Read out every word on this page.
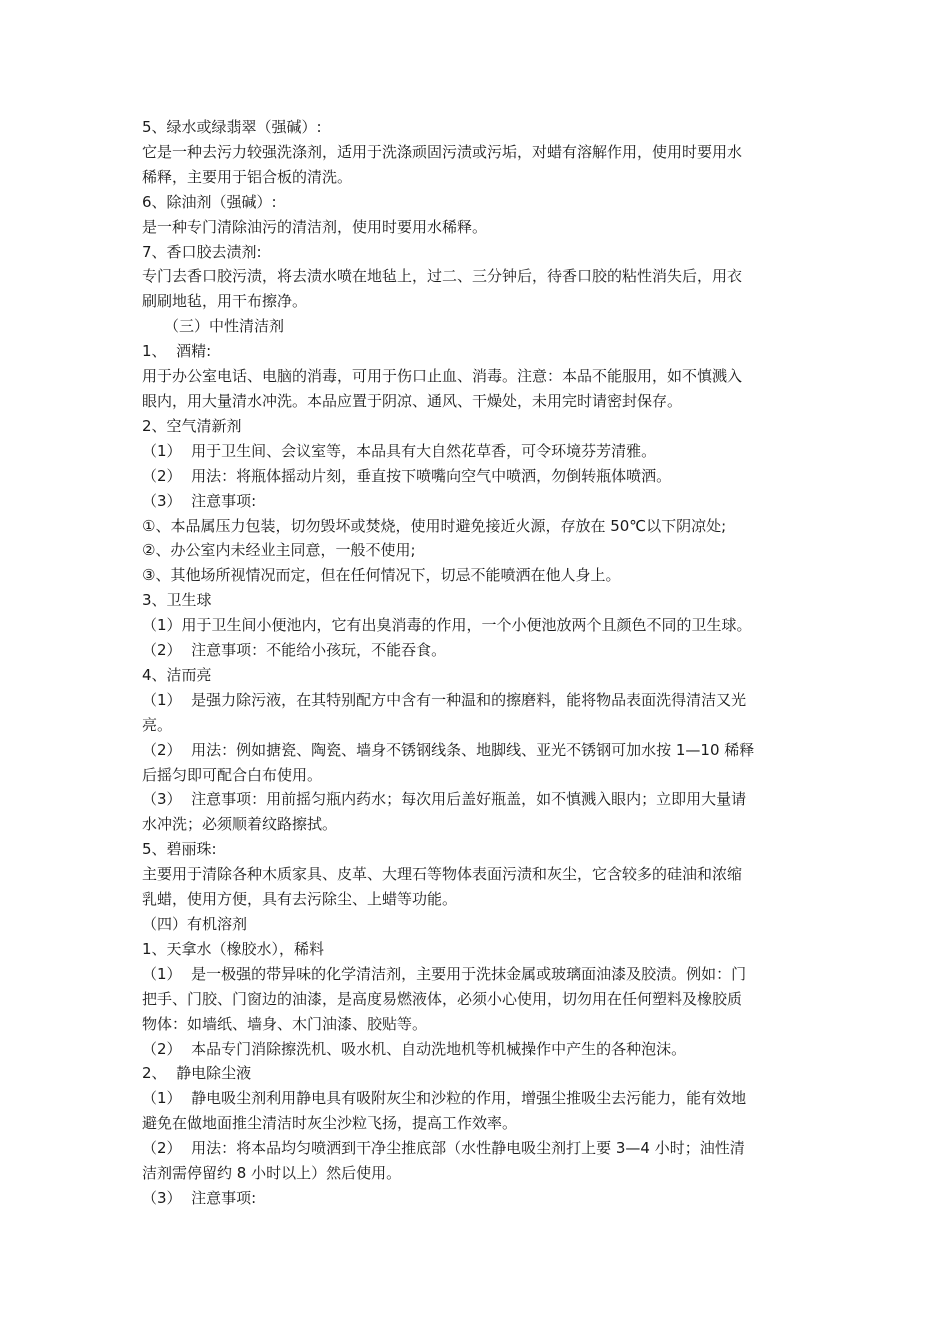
5、绿水或绿翡翠（强碱）:
它是一种去污力较强洗涤剂，适用于洗涤顽固污渍或污垢，对蜡有溶解作用，使用时要用水
稀释，主要用于铝合板的清洗。
6、除油剂（强碱）:
是一种专门清除油污的清洁剂，使用时要用水稀释。
7、香口胶去渍剂:
专门去香口胶污渍，将去渍水喷在地毡上，过二、三分钟后，待香口胶的粘性消失后，用衣
刷刷地毡，用干布擦净。
（三）中性清洁剂
1、  酒精:
用于办公室电话、电脑的消毒，可用于伤口止血、消毒。注意：本品不能服用，如不慎溅入
眼内，用大量清水冲洗。本品应置于阴凉、通风、干燥处，未用完时请密封保存。
2、空气清新剂
（1）  用于卫生间、会议室等，本品具有大自然花草香，可令环境芬芳清雅。
（2）  用法：将瓶体摇动片刻，垂直按下喷嘴向空气中喷洒，勿倒转瓶体喷洒。
（3）  注意事项:
①、本品属压力包装，切勿毁坏或焚烧，使用时避免接近火源，存放在 50℃以下阴凉处;
②、办公室内未经业主同意，一般不使用;
③、其他场所视情况而定，但在任何情况下，切忌不能喷洒在他人身上。
3、卫生球
（1）用于卫生间小便池内，它有出臭消毒的作用，一个小便池放两个且颜色不同的卫生球。
（2）  注意事项：不能给小孩玩，不能吞食。
4、洁而亮
（1）  是强力除污液，在其特别配方中含有一种温和的擦磨料，能将物品表面洗得清洁又光
亮。
（2）  用法：例如搪瓷、陶瓷、墙身不锈钢线条、地脚线、亚光不锈钢可加水按 1—10 稀释
后摇匀即可配合白布使用。
（3）  注意事项：用前摇匀瓶内药水；每次用后盖好瓶盖，如不慎溅入眼内；立即用大量请
水冲洗；必须顺着纹路擦拭。
5、碧丽珠:
主要用于清除各种木质家具、皮革、大理石等物体表面污渍和灰尘，它含较多的硅油和浓缩
乳蜡，使用方便，具有去污除尘、上蜡等功能。
（四）有机溶剂
1、天拿水（橡胶水），稀料
（1）  是一极强的带异味的化学清洁剂，主要用于洗抹金属或玻璃面油漆及胶渍。例如：门
把手、门胶、门窗边的油漆，是高度易燃液体，必须小心使用，切勿用在任何塑料及橡胶质
物体：如墙纸、墙身、木门油漆、胶贴等。
（2）  本品专门消除擦洗机、吸水机、自动洗地机等机械操作中产生的各种泡沫。
2、  静电除尘液
（1）  静电吸尘剂利用静电具有吸附灰尘和沙粒的作用，增强尘推吸尘去污能力，能有效地
避免在做地面推尘清洁时灰尘沙粒飞扬，提高工作效率。
（2）  用法：将本品均匀喷洒到干净尘推底部（水性静电吸尘剂打上要 3—4 小时；油性清
洁剂需停留约 8 小时以上）然后使用。
（3）  注意事项:
